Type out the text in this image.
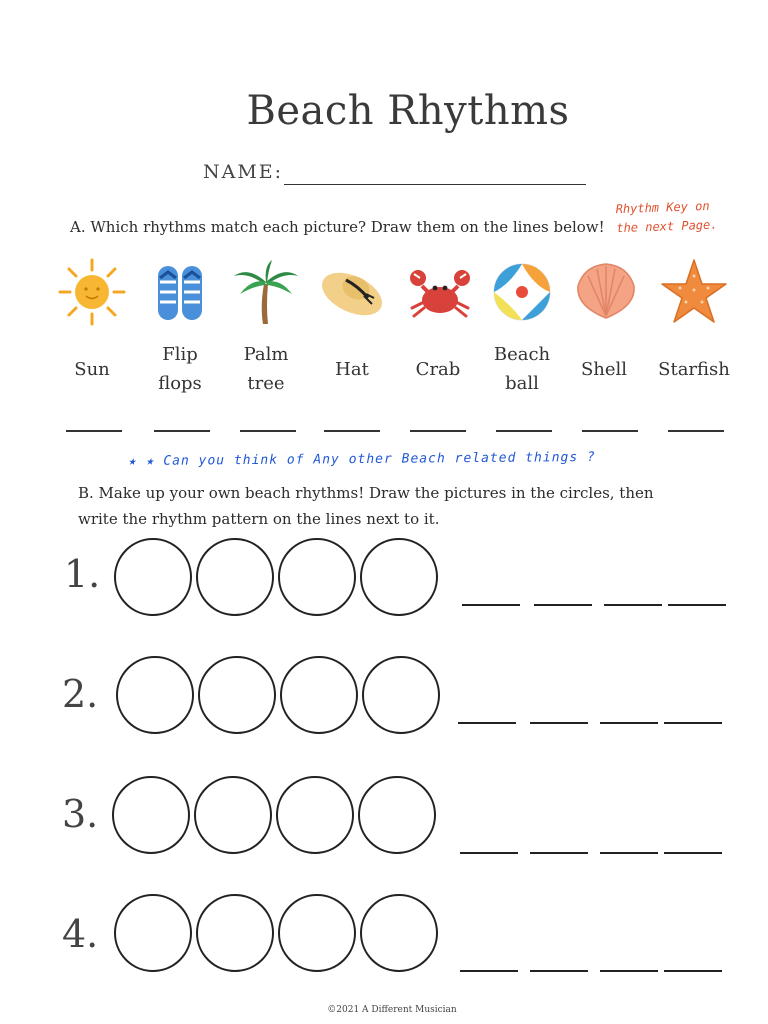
Beach Rhythms
NAME:
A. Which rhythms match each picture? Draw them on the lines below!
Rhythm Key on the next Page.
Sun
Flip
flops
Palm
tree
Hat	Crab
Beach
ball
Shell	Starfish
★ ★ Can you think of Any other Beach related things ?
B. Make up your own beach rhythms! Draw the pictures in the circles, then
write the rhythm pattern on the lines next to it.
1.
2.
3.
4.
©2021 A Different Musician
